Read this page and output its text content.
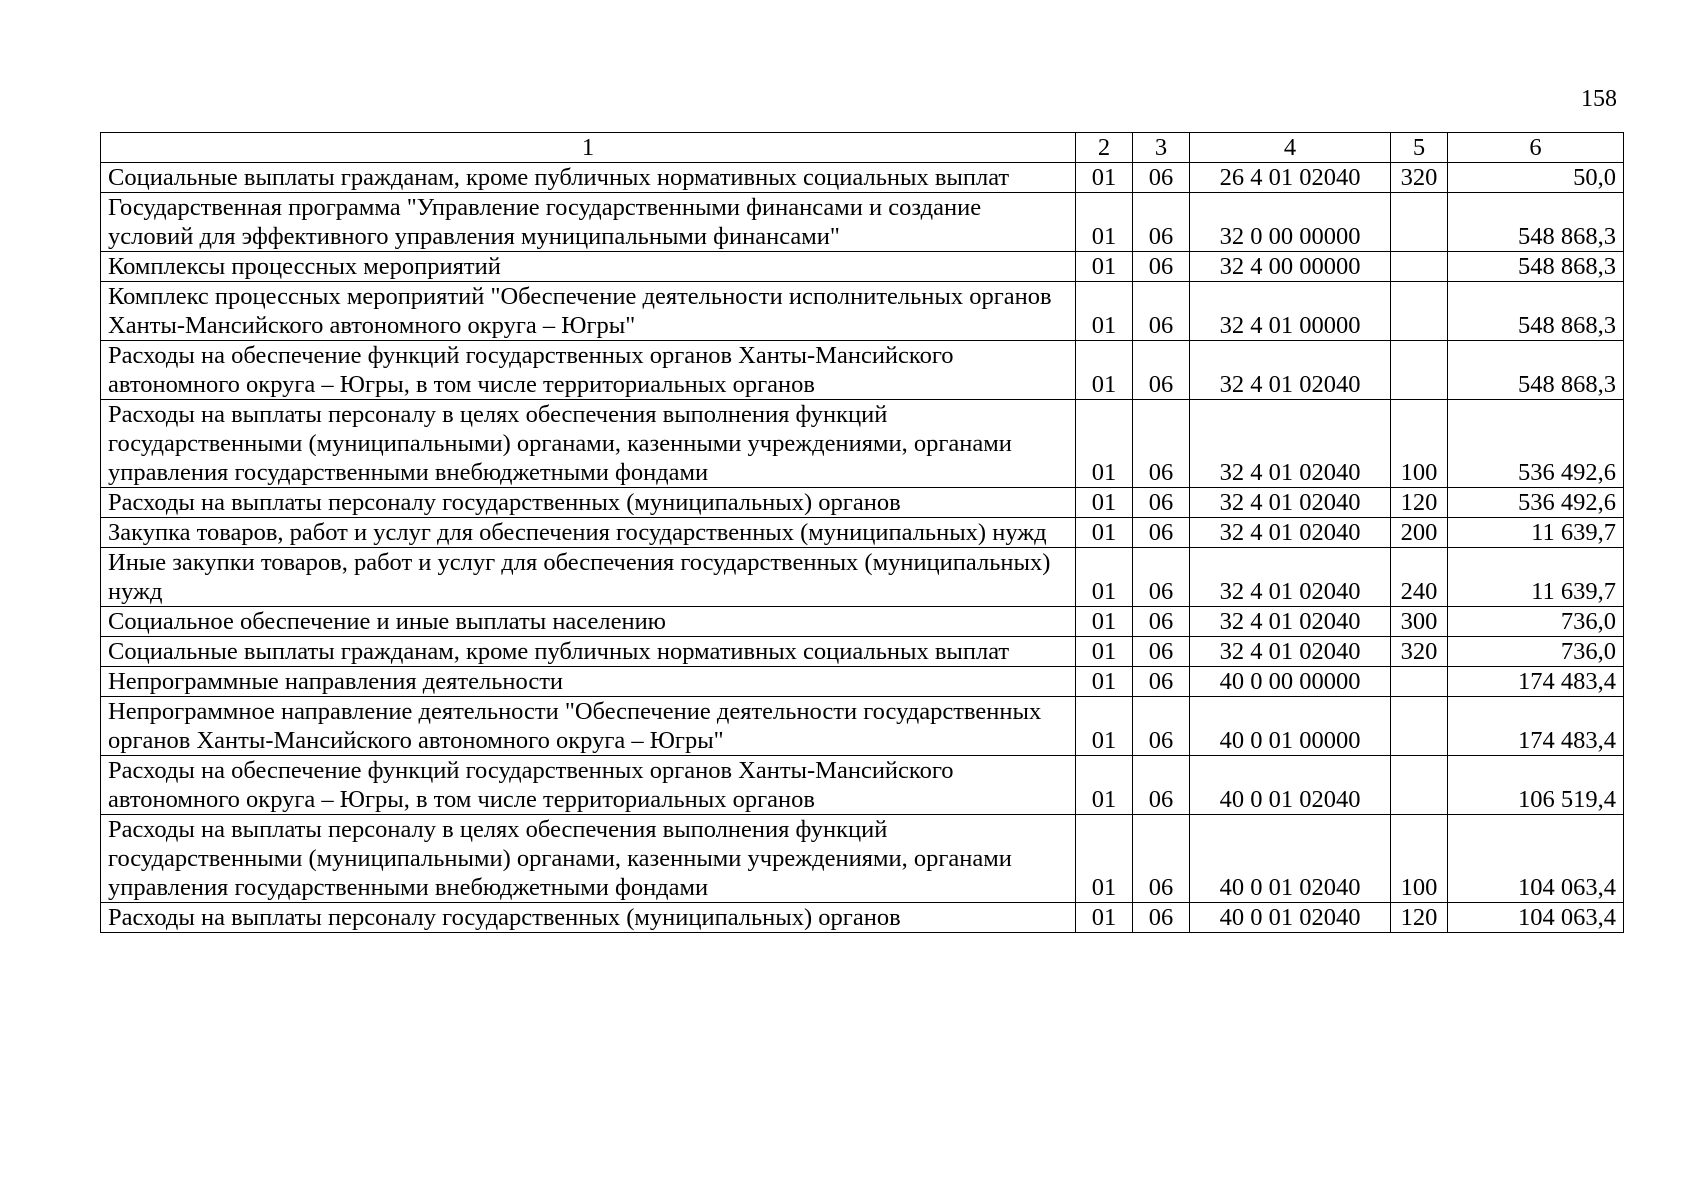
158
1	2	3	4	5	6
Социальные выплаты гражданам, кроме публичных нормативных социальных выплат	01	06	26 4 01 02040	320	50,0
Государственная программа "Управление государственными финансами и создание условий для эффективного управления муниципальными финансами"	01	06	32 0 00 00000		548 868,3
Комплексы процессных мероприятий	01	06	32 4 00 00000		548 868,3
Комплекс процессных мероприятий "Обеспечение деятельности исполнительных органов Ханты-Мансийского автономного округа – Югры"	01	06	32 4 01 00000		548 868,3
Расходы на обеспечение функций государственных органов Ханты-Мансийского автономного округа – Югры, в том числе территориальных органов	01	06	32 4 01 02040		548 868,3
Расходы на выплаты персоналу в целях обеспечения выполнения функций государственными (муниципальными) органами, казенными учреждениями, органами управления государственными внебюджетными фондами	01	06	32 4 01 02040	100	536 492,6
Расходы на выплаты персоналу государственных (муниципальных) органов	01	06	32 4 01 02040	120	536 492,6
Закупка товаров, работ и услуг для обеспечения государственных (муниципальных) нужд	01	06	32 4 01 02040	200	11 639,7
Иные закупки товаров, работ и услуг для обеспечения государственных (муниципальных) нужд	01	06	32 4 01 02040	240	11 639,7
Социальное обеспечение и иные выплаты населению	01	06	32 4 01 02040	300	736,0
Социальные выплаты гражданам, кроме публичных нормативных социальных выплат	01	06	32 4 01 02040	320	736,0
Непрограммные направления деятельности	01	06	40 0 00 00000		174 483,4
Непрограммное направление деятельности "Обеспечение деятельности государственных органов Ханты-Мансийского автономного округа – Югры"	01	06	40 0 01 00000		174 483,4
Расходы на обеспечение функций государственных органов Ханты-Мансийского автономного округа – Югры, в том числе территориальных органов	01	06	40 0 01 02040		106 519,4
Расходы на выплаты персоналу в целях обеспечения выполнения функций государственными (муниципальными) органами, казенными учреждениями, органами управления государственными внебюджетными фондами	01	06	40 0 01 02040	100	104 063,4
Расходы на выплаты персоналу государственных (муниципальных) органов	01	06	40 0 01 02040	120	104 063,4
